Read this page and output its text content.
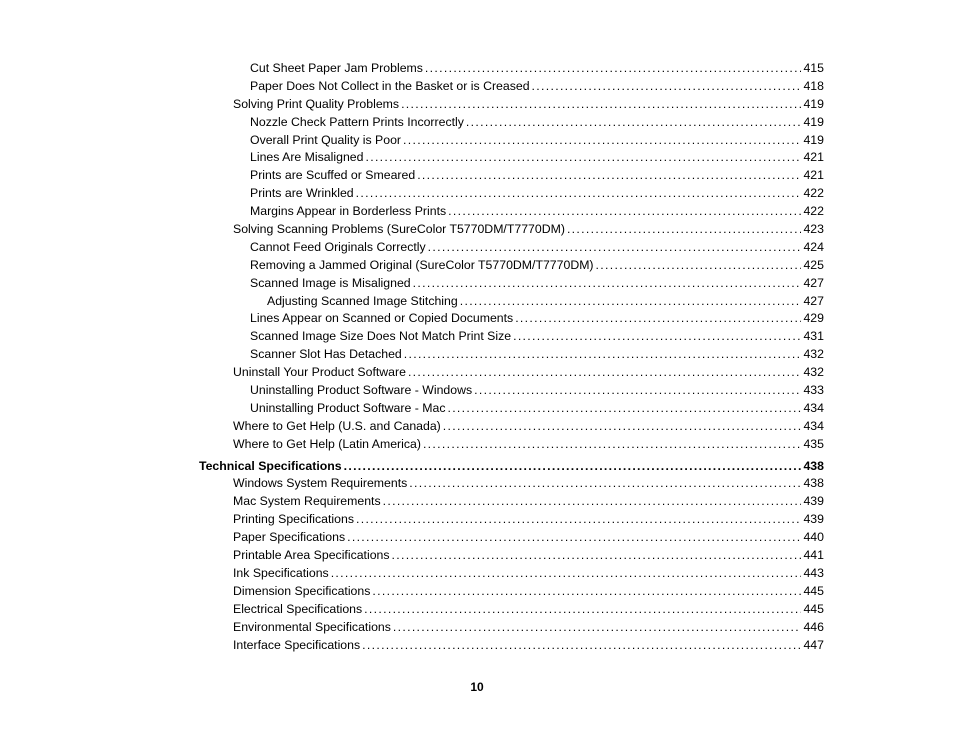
Cut Sheet Paper Jam Problems . . .	415
Paper Does Not Collect in the Basket or is Creased . . .	418
Solving Print Quality Problems . . .	419
Nozzle Check Pattern Prints Incorrectly . . .	419
Overall Print Quality is Poor . . .	419
Lines Are Misaligned . . .	421
Prints are Scuffed or Smeared . . .	421
Prints are Wrinkled . . .	422
Margins Appear in Borderless Prints . . .	422
Solving Scanning Problems (SureColor T5770DM/T7770DM) . . .	423
Cannot Feed Originals Correctly . . .	424
Removing a Jammed Original (SureColor T5770DM/T7770DM) . . .	425
Scanned Image is Misaligned . . .	427
Adjusting Scanned Image Stitching . . .	427
Lines Appear on Scanned or Copied Documents . . .	429
Scanned Image Size Does Not Match Print Size . . .	431
Scanner Slot Has Detached . . .	432
Uninstall Your Product Software . . .	432
Uninstalling Product Software - Windows . . .	433
Uninstalling Product Software - Mac . . .	434
Where to Get Help (U.S. and Canada) . . .	434
Where to Get Help (Latin America) . . .	435
Technical Specifications . . .	438
Windows System Requirements . . .	438
Mac System Requirements . . .	439
Printing Specifications . . .	439
Paper Specifications . . .	440
Printable Area Specifications . . .	441
Ink Specifications . . .	443
Dimension Specifications . . .	445
Electrical Specifications . . .	445
Environmental Specifications . . .	446
Interface Specifications . . .	447
10
